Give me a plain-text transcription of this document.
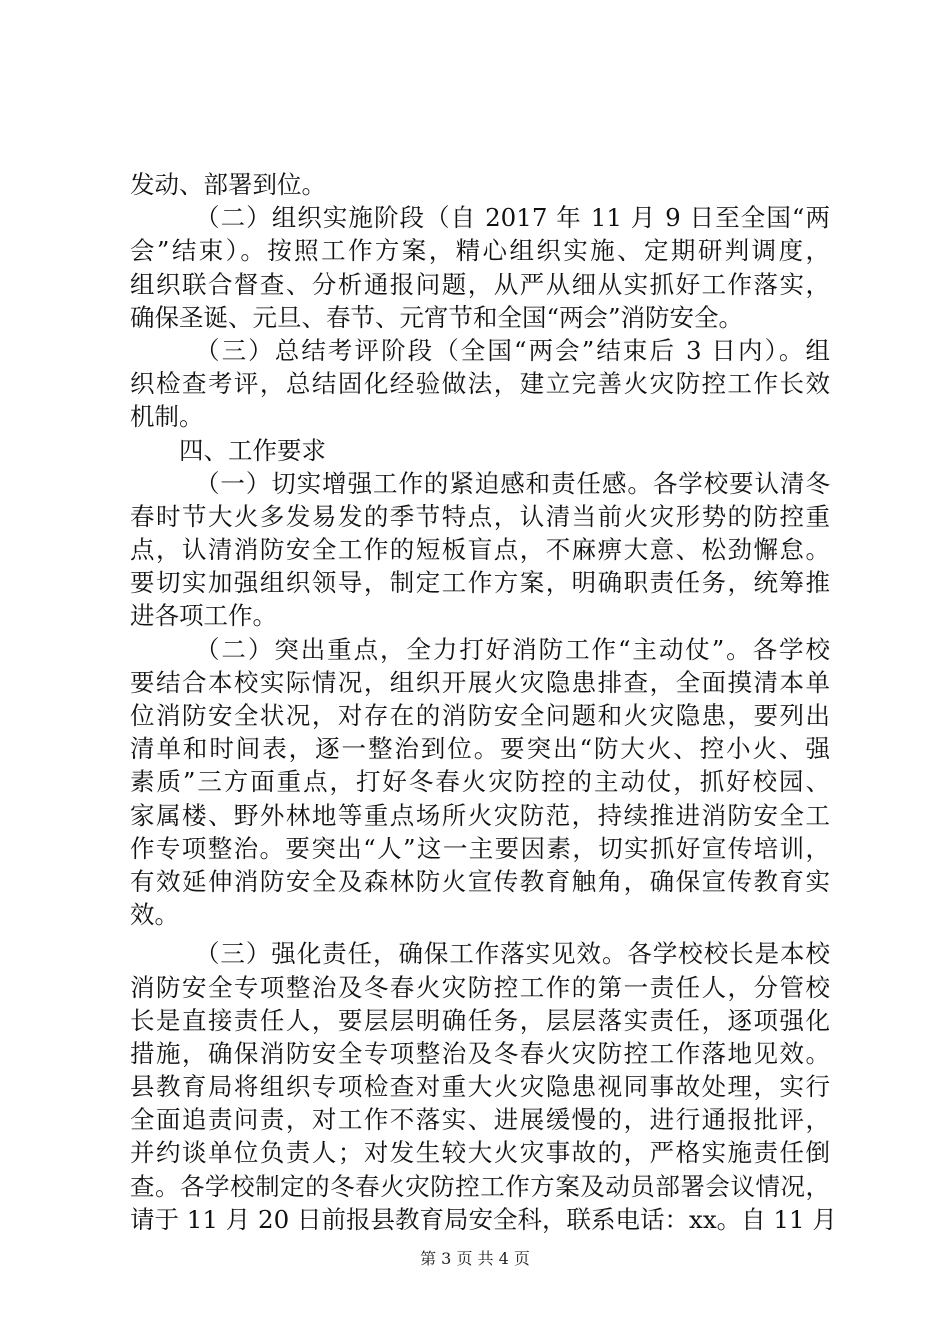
发动、部署到位。
（二）组织实施阶段（自 2017 年 11 月 9 日至全国“两
会”结束）。按照工作方案，精心组织实施、定期研判调度，
组织联合督查、分析通报问题，从严从细从实抓好工作落实，
确保圣诞、元旦、春节、元宵节和全国“两会”消防安全。
（三）总结考评阶段（全国“两会”结束后 3 日内）。组
织检查考评，总结固化经验做法，建立完善火灾防控工作长效
机制。
四、工作要求
（一）切实增强工作的紧迫感和责任感。各学校要认清冬
春时节大火多发易发的季节特点，认清当前火灾形势的防控重
点，认清消防安全工作的短板盲点，不麻痹大意、松劲懈怠。
要切实加强组织领导，制定工作方案，明确职责任务，统筹推
进各项工作。
（二）突出重点，全力打好消防工作“主动仗”。各学校
要结合本校实际情况，组织开展火灾隐患排查，全面摸清本单
位消防安全状况，对存在的消防安全问题和火灾隐患，要列出
清单和时间表，逐一整治到位。要突出“防大火、控小火、强
素质”三方面重点，打好冬春火灾防控的主动仗，抓好校园、
家属楼、野外林地等重点场所火灾防范，持续推进消防安全工
作专项整治。要突出“人”这一主要因素，切实抓好宣传培训，
有效延伸消防安全及森林防火宣传教育触角，确保宣传教育实
效。
（三）强化责任，确保工作落实见效。各学校校长是本校
消防安全专项整治及冬春火灾防控工作的第一责任人，分管校
长是直接责任人，要层层明确任务，层层落实责任，逐项强化
措施，确保消防安全专项整治及冬春火灾防控工作落地见效。
县教育局将组织专项检查对重大火灾隐患视同事故处理，实行
全面追责问责，对工作不落实、进展缓慢的，进行通报批评，
并约谈单位负责人；对发生较大火灾事故的，严格实施责任倒
查。各学校制定的冬春火灾防控工作方案及动员部署会议情况，
请于 11 月 20 日前报县教育局安全科，联系电话：xx。自 11 月
第 3 页 共 4 页
